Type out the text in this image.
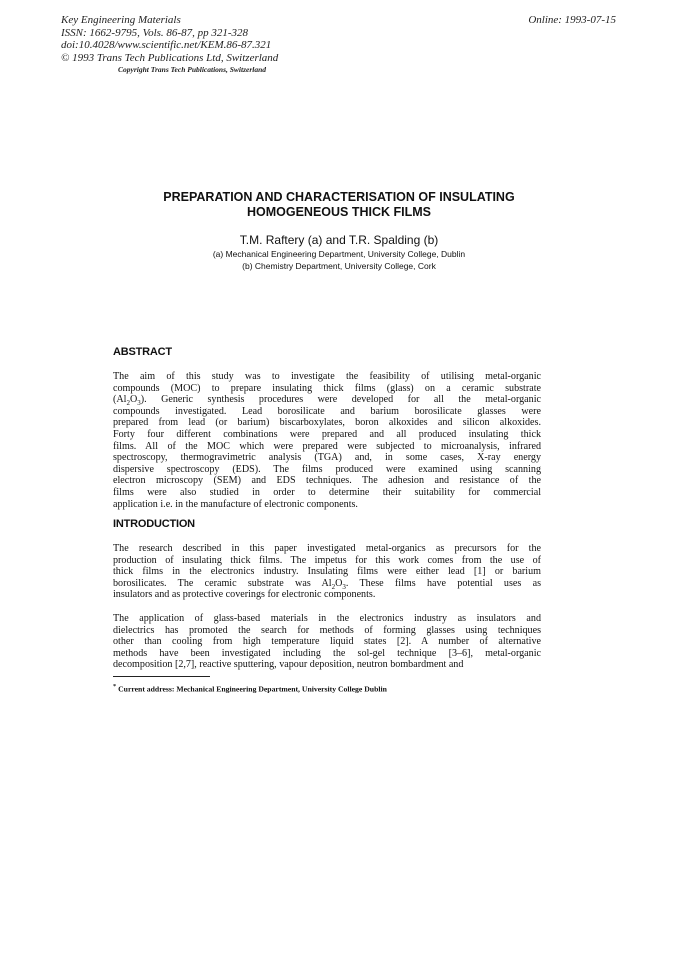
Key Engineering Materials
ISSN: 1662-9795, Vols. 86-87, pp 321-328
doi:10.4028/www.scientific.net/KEM.86-87.321
© 1993 Trans Tech Publications Ltd, Switzerland
Copyright Trans Tech Publications, Switzerland
Online: 1993-07-15
PREPARATION AND CHARACTERISATION OF INSULATING
HOMOGENEOUS THICK FILMS
T.M. Raftery (a) and T.R. Spalding (b)
(a) Mechanical Engineering Department, University College, Dublin
(b) Chemistry Department, University College, Cork
ABSTRACT
The aim of this study was to investigate the feasibility of utilising metal-organic
compounds (MOC) to prepare insulating thick films (glass) on a ceramic substrate
$(Al_2O_3)$. Generic synthesis procedures were developed for all the metal-organic
compounds investigated. Lead borosilicate and barium borosilicate glasses were
prepared from lead (or barium) biscarboxylates, boron alkoxides and silicon alkoxides.
Forty four different combinations were prepared and all produced insulating thick
films. All of the MOC which were prepared were subjected to microanalysis, infrared
spectroscopy, thermogravimetric analysis (TGA) and, in some cases, X-ray energy
dispersive spectroscopy (EDS). The films produced were examined using scanning
electron microscopy (SEM) and EDS techniques. The adhesion and resistance of the
films were also studied in order to determine their suitability for commercial
application i.e. in the manufacture of electronic components.
INTRODUCTION
The research described in this paper investigated metal-organics as precursors for the
production of insulating thick films. The impetus for this work comes from the use of
thick films in the electronics industry. Insulating films were either lead [1] or barium
borosilicates. The ceramic substrate was $Al_2O_3$. These films have potential uses as
insulators and as protective coverings for electronic components.
The application of glass-based materials in the electronics industry as insulators and
dielectrics has promoted the search for methods of forming glasses using techniques
other than cooling from high temperature liquid states [2]. A number of alternative
methods have been investigated including the sol-gel technique [3–6], metal-organic
decomposition [2,7], reactive sputtering, vapour deposition, neutron bombardment and
* Current address: Mechanical Engineering Department, University College Dublin
